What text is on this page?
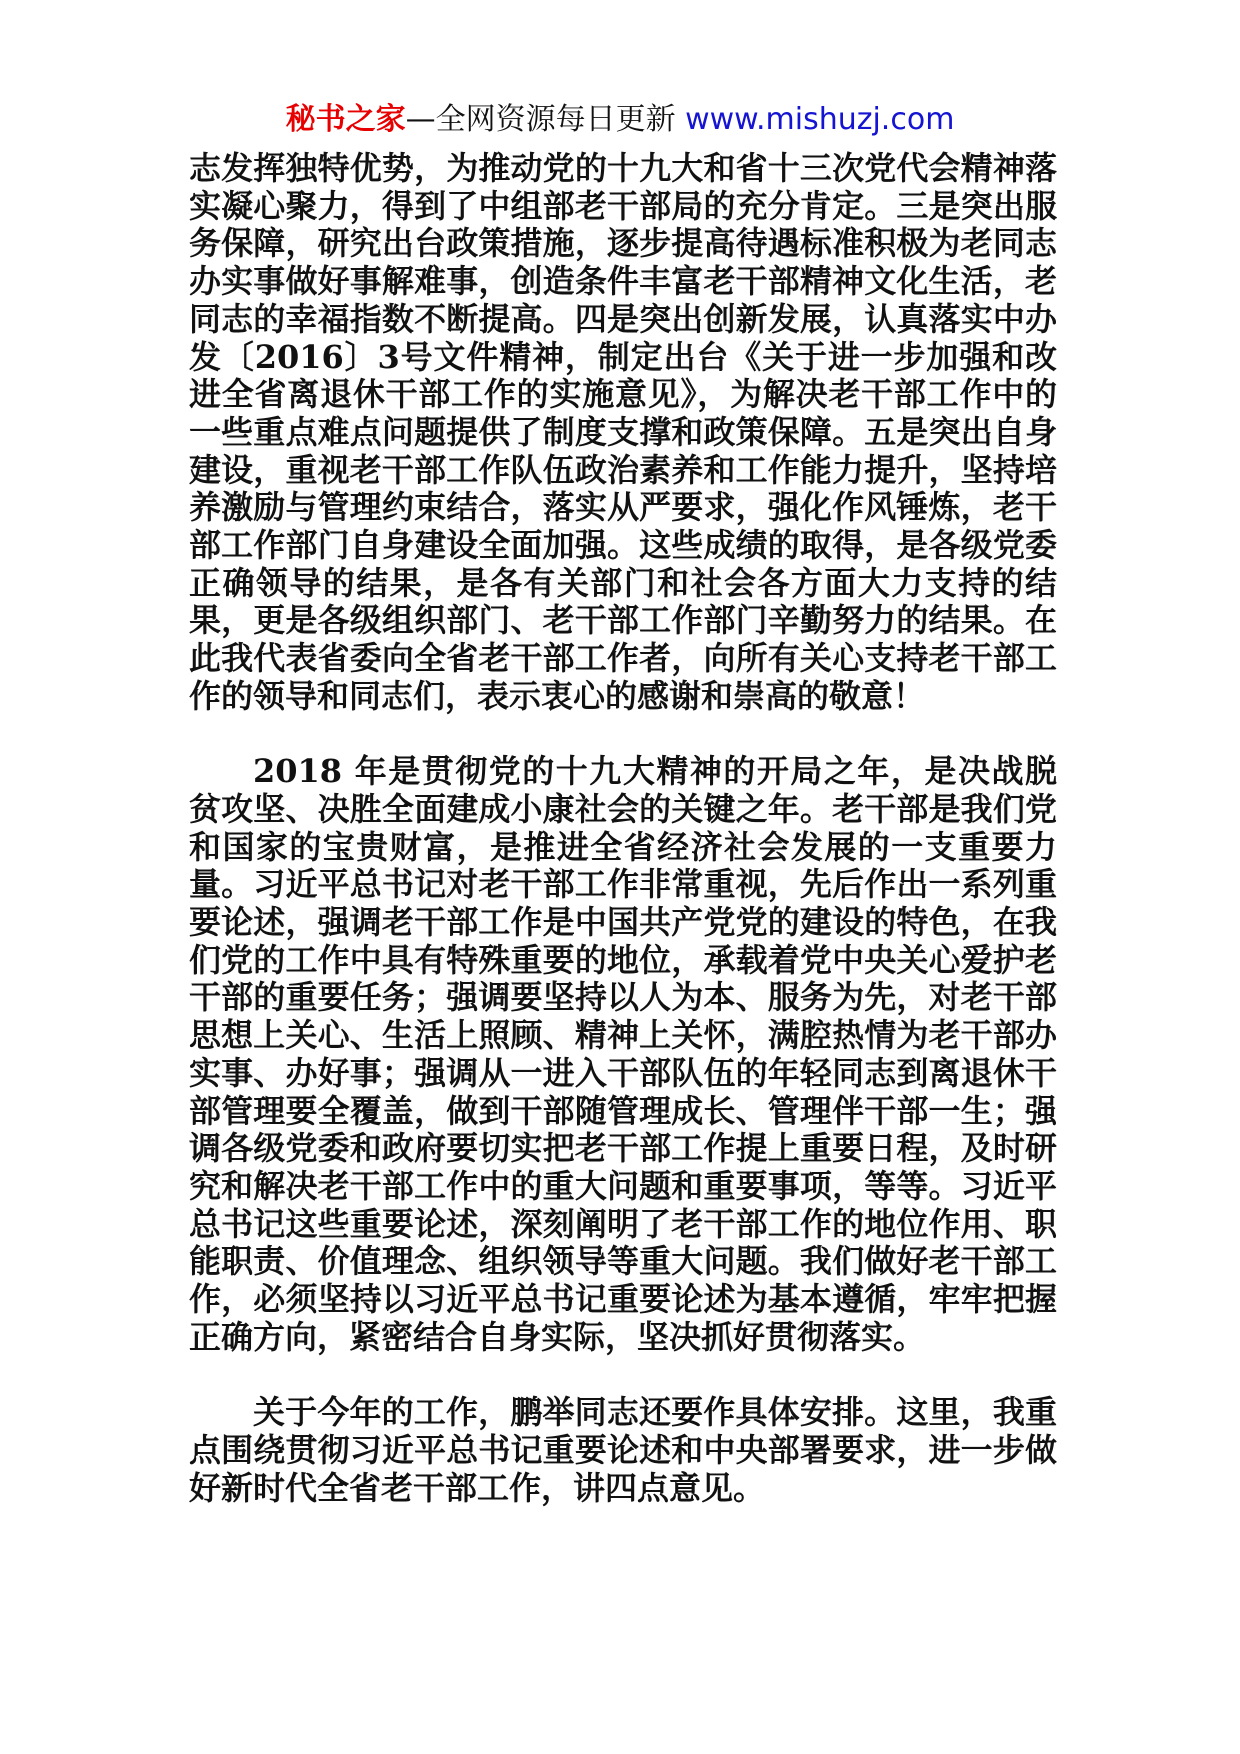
秘书之家—全网资源每日更新 www.mishuzj.com

志发挥独特优势，为推动党的十九大和省十三次党代会精神落实凝心聚力，得到了中组部老干部局的充分肯定。三是突出服务保障，研究出台政策措施，逐步提高待遇标准积极为老同志办实事做好事解难事，创造条件丰富老干部精神文化生活，老同志的幸福指数不断提高。四是突出创新发展，认真落实中办发〔2016〕3号文件精神，制定出台《关于进一步加强和改进全省离退休干部工作的实施意见》，为解决老干部工作中的一些重点难点问题提供了制度支撑和政策保障。五是突出自身建设，重视老干部工作队伍政治素养和工作能力提升，坚持培养激励与管理约束结合，落实从严要求，强化作风锤炼，老干部工作部门自身建设全面加强。这些成绩的取得，是各级党委正确领导的结果，是各有关部门和社会各方面大力支持的结果，更是各级组织部门、老干部工作部门辛勤努力的结果。在此我代表省委向全省老干部工作者，向所有关心支持老干部工作的领导和同志们，表示衷心的感谢和崇高的敬意！

2018 年是贯彻党的十九大精神的开局之年，是决战脱贫攻坚、决胜全面建成小康社会的关键之年。老干部是我们党和国家的宝贵财富，是推进全省经济社会发展的一支重要力量。习近平总书记对老干部工作非常重视，先后作出一系列重要论述，强调老干部工作是中国共产党党的建设的特色，在我们党的工作中具有特殊重要的地位，承载着党中央关心爱护老干部的重要任务；强调要坚持以人为本、服务为先，对老干部思想上关心、生活上照顾、精神上关怀，满腔热情为老干部办实事、办好事；强调从一进入干部队伍的年轻同志到离退休干部管理要全覆盖，做到干部随管理成长、管理伴干部一生；强调各级党委和政府要切实把老干部工作提上重要日程，及时研究和解决老干部工作中的重大问题和重要事项，等等。习近平总书记这些重要论述，深刻阐明了老干部工作的地位作用、职能职责、价值理念、组织领导等重大问题。我们做好老干部工作，必须坚持以习近平总书记重要论述为基本遵循，牢牢把握正确方向，紧密结合自身实际，坚决抓好贯彻落实。

关于今年的工作，鹏举同志还要作具体安排。这里，我重点围绕贯彻习近平总书记重要论述和中央部署要求，进一步做好新时代全省老干部工作，讲四点意见。
